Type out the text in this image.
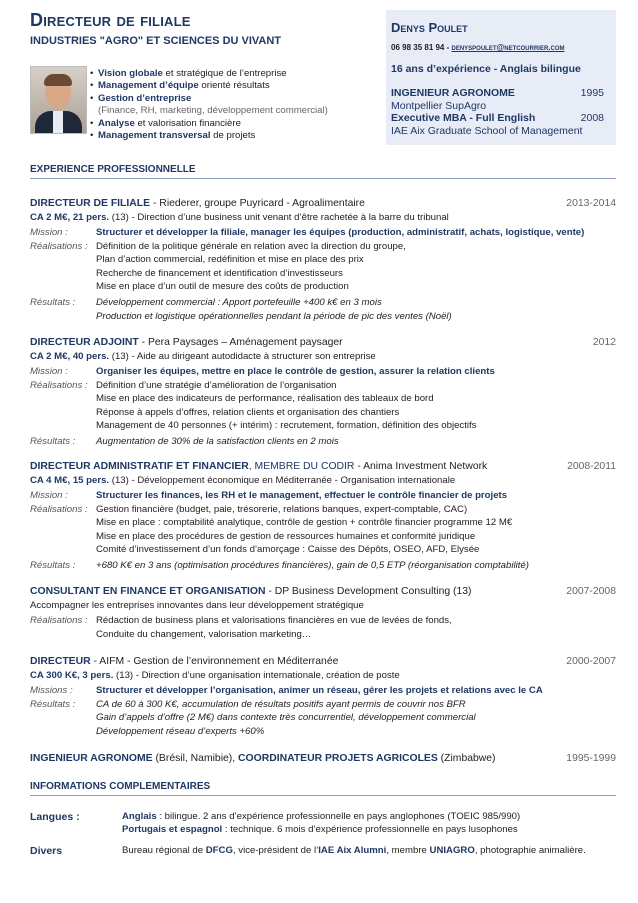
Directeur de filiale
INDUSTRIES "AGRO" ET SCIENCES DU VIVANT
• Vision globale et stratégique de l’entreprise
• Management d’équipe orienté résultats
• Gestion d’entreprise
(Finance, RH, marketing, développement commercial)
• Analyse et valorisation financière
• Management transversal de projets
Denys Poulet
06 98 35 81 94 - denyspoulet@netcourrier.com
16 ans d’expérience - Anglais bilingue
INGENIEUR AGRONOME	1995
Montpellier SupAgro
Executive MBA - Full English	2008
IAE Aix Graduate School of Management
EXPERIENCE PROFESSIONNELLE
DIRECTEUR DE FILIALE - Riederer, groupe Puyricard - Agroalimentaire	2013-2014
CA 2 M€, 21 pers. (13) - Direction d’une business unit venant d’être rachetée à la barre du tribunal
Mission :	Structurer et développer la filiale, manager les équipes (production, administratif, achats, logistique, vente)
Réalisations : Définition de la politique générale en relation avec la direction du groupe,
Plan d’action commercial, redéfinition et mise en place des prix
Recherche de financement et identification d’investisseurs
Mise en place d’un outil de mesure des coûts de production
Résultats :	Développement commercial : Apport portefeuille +400 k€ en 3 mois
Production et logistique opérationnelles pendant la période de pic des ventes (Noël)
DIRECTEUR ADJOINT - Pera Paysages – Aménagement paysager	2012
CA 2 M€, 40 pers. (13) - Aide au dirigeant autodidacte à structurer son entreprise
Mission :	Organiser les équipes, mettre en place le contrôle de gestion, assurer la relation clients
Réalisations : Définition d’une stratégie d’amélioration de l’organisation
Mise en place des indicateurs de performance, réalisation des tableaux de bord
Réponse à appels d’offres, relation clients et organisation des chantiers
Management de 40 personnes (+ intérim) : recrutement, formation, définition des objectifs
Résultats :	Augmentation de 30% de la satisfaction clients en 2 mois
DIRECTEUR ADMINISTRATIF ET FINANCIER, MEMBRE DU CODIR - Anima Investment Network	2008-2011
CA 4 M€, 15 pers. (13) - Développement économique en Méditerranée - Organisation internationale
Mission :	Structurer les finances, les RH et le management, effectuer le contrôle financier de projets
Réalisations : Gestion financière (budget, paie, trésorerie, relations banques, expert-comptable, CAC)
Mise en place : comptabilité analytique, contrôle de gestion + contrôle financier programme 12 M€
Mise en place des procédures de gestion de ressources humaines et conformité juridique
Comité d’investissement d’un fonds d’amorçage : Caisse des Dépôts, OSEO, AFD, Elysée
Résultats :	+680 K€ en 3 ans (optimisation procédures financières), gain de 0,5 ETP (réorganisation comptabilité)
CONSULTANT EN FINANCE ET ORGANISATION - DP Business Development Consulting (13)	2007-2008
Accompagner les entreprises innovantes dans leur développement stratégique
Réalisations : Rédaction de business plans et valorisations financières en vue de levées de fonds,
Conduite du changement, valorisation marketing…
DIRECTEUR - AIFM - Gestion de l’environnement en Méditerranée	2000-2007
CA 300 K€, 3 pers. (13) - Direction d’une organisation internationale, création de poste
Missions :	Structurer et développer l’organisation, animer un réseau, gérer les projets et relations avec le CA
Résultats :	CA de 60 à 300 K€, accumulation de résultats positifs ayant permis de couvrir nos BFR
Gain d’appels d’offre (2 M€) dans contexte très concurrentiel, développement commercial
Développement réseau d’experts +60%
INGENIEUR AGRONOME (Brésil, Namibie), COORDINATEUR PROJETS AGRICOLES (Zimbabwe)	1995-1999
INFORMATIONS COMPLEMENTAIRES
Langues :	Anglais : bilingue. 2 ans d’expérience professionnelle en pays anglophones (TOEIC 985/990)
Portugais et espagnol : technique. 6 mois d’expérience professionnelle en pays lusophones
Divers	Bureau régional de DFCG, vice-président de l’IAE Aix Alumni, membre UNIAGRO, photographie animalière.
